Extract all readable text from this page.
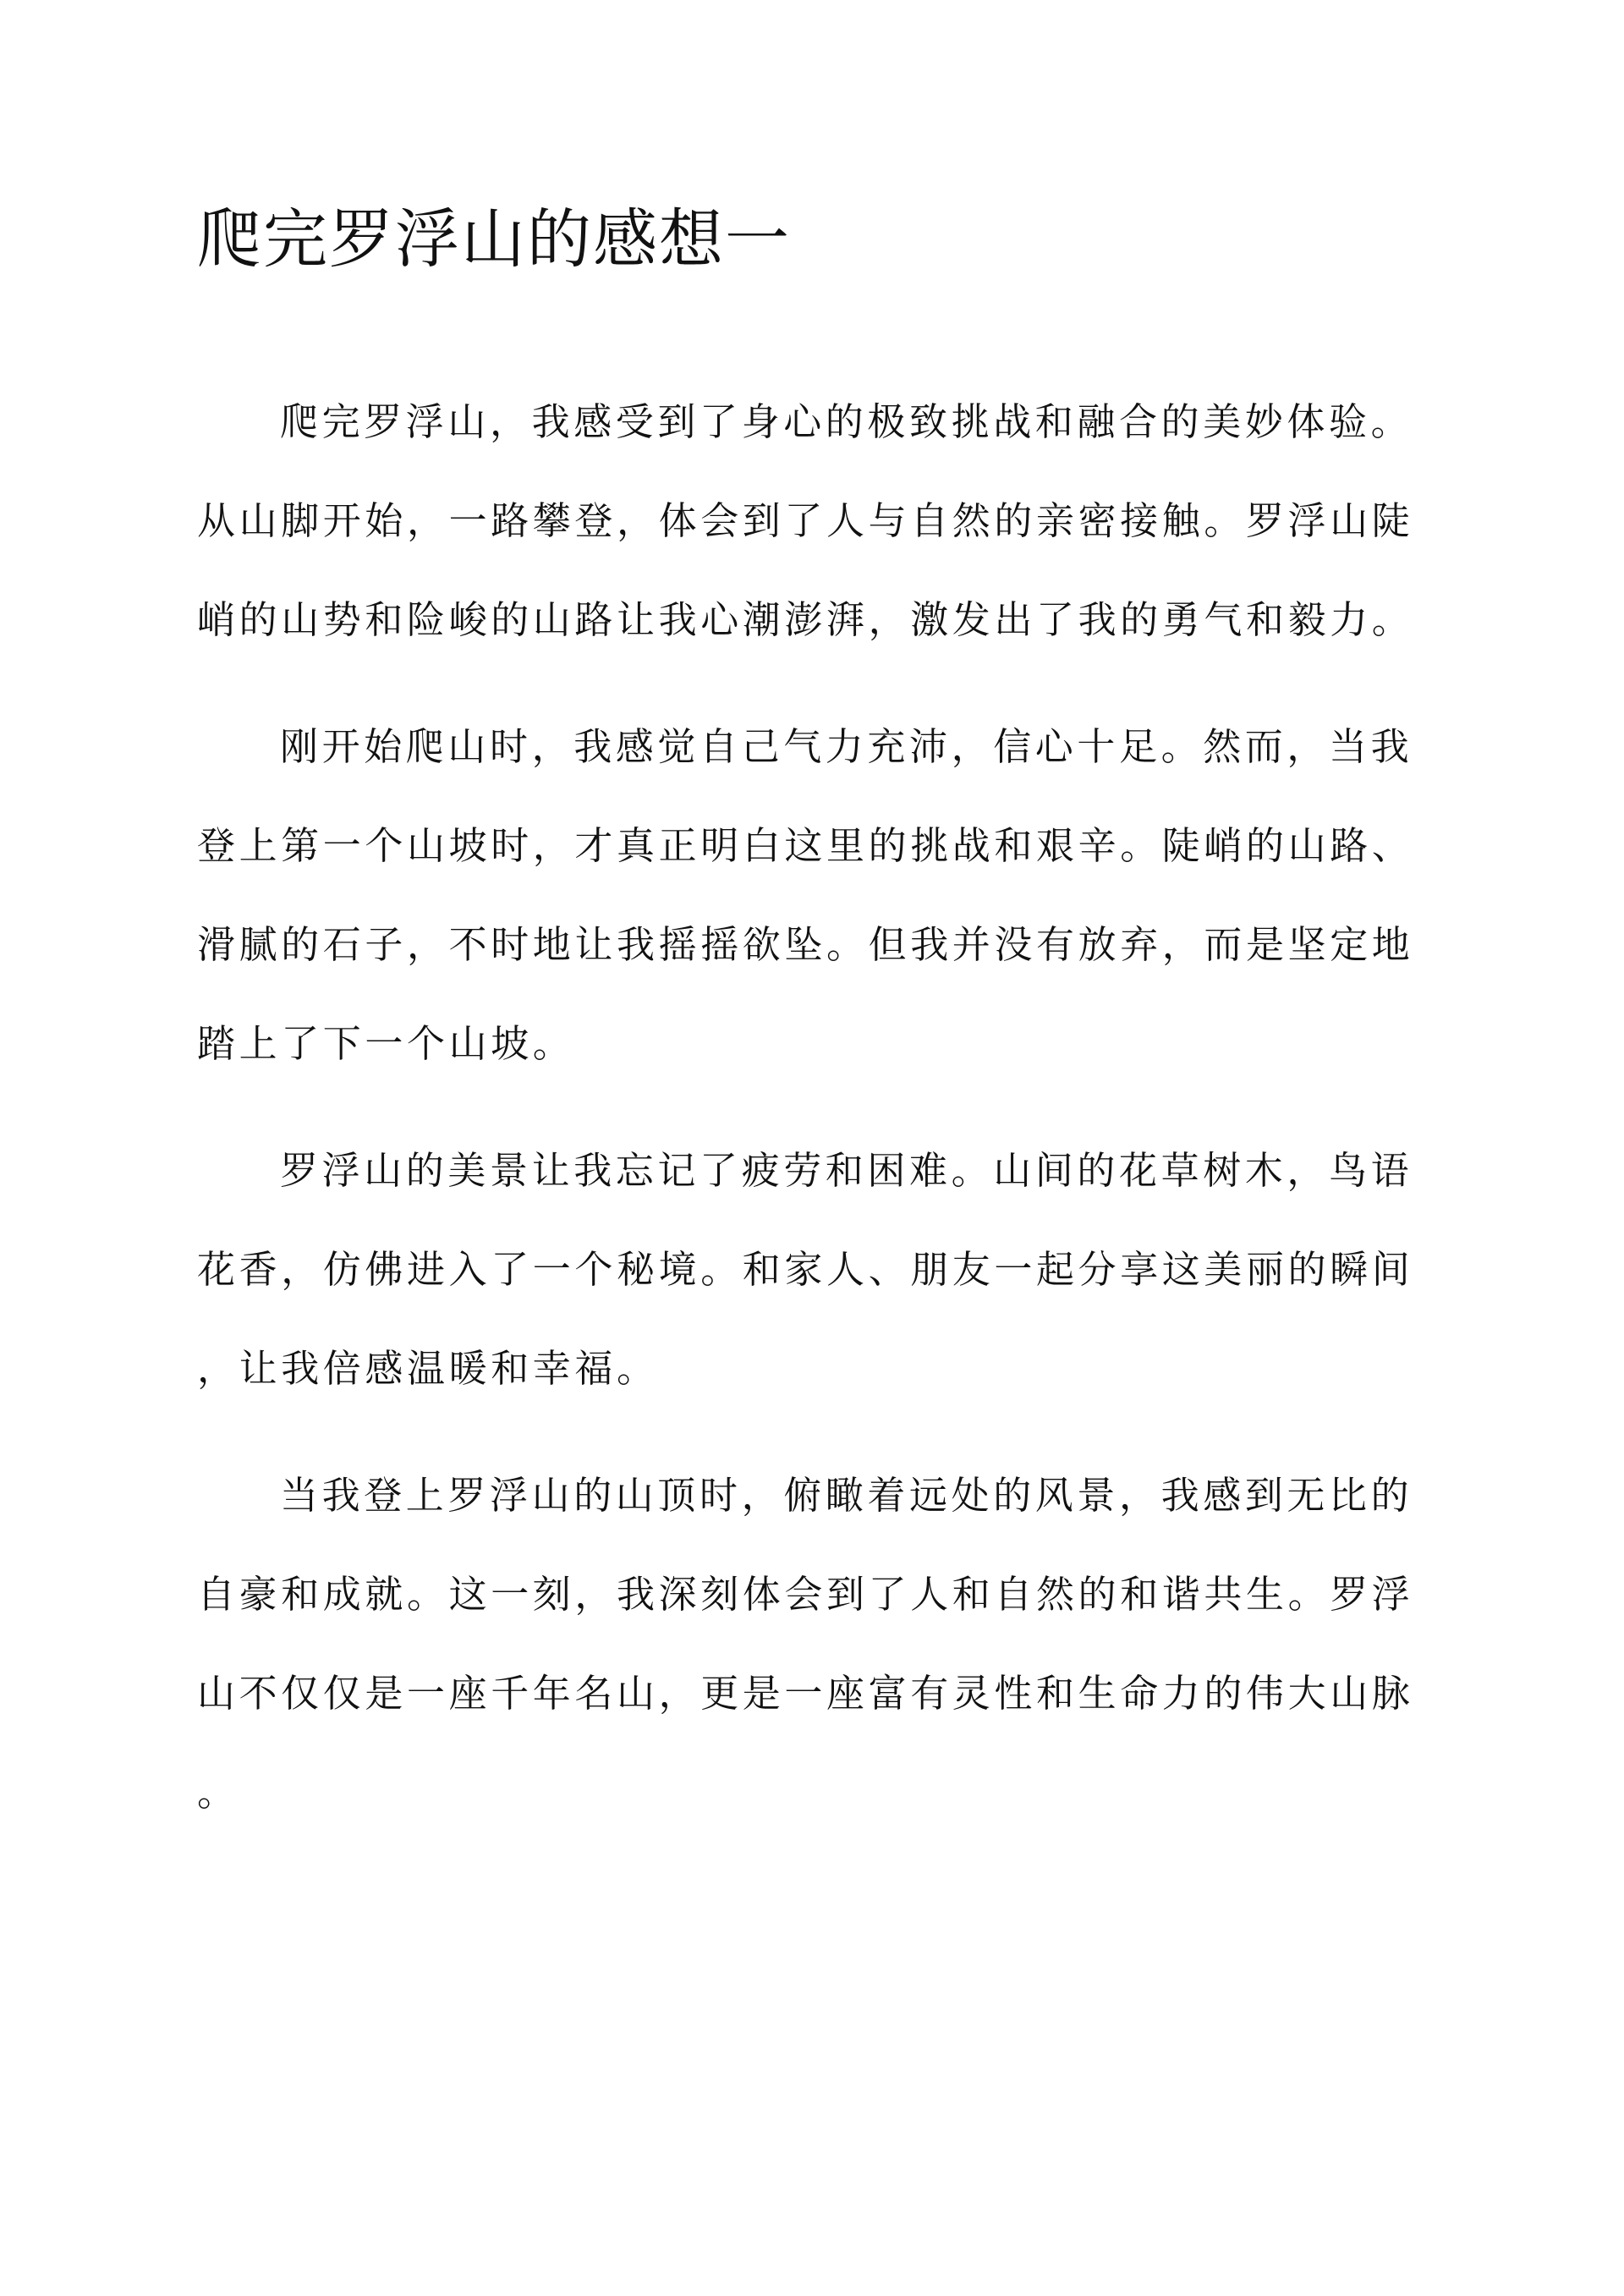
爬完罗浮山的感想一
爬完罗浮山，我感受到了身心的极致挑战和融合的美妙体验。
从山脚开始，一路攀登，体会到了人与自然的亲密接触。罗浮山陡
峭的山势和险峻的山路让我心潮澎湃，激发出了我的勇气和毅力。
刚开始爬山时，我感觉自己气力充沛，信心十足。然而，当我
登上第一个山坡时，才真正明白这里的挑战和艰辛。陡峭的山路、
滑腻的石子，不时地让我摇摇欲坠。但我并没有放弃，而是坚定地
踏上了下一个山坡。
罗浮山的美景让我忘记了疲劳和困难。山间的花草树木，鸟语
花香，仿佛进入了一个秘境。和家人、朋友一起分享这美丽的瞬间
，让我倍感温暖和幸福。
当我登上罗浮山的山顶时，俯瞰着远处的风景，我感到无比的
自豪和成就。这一刻，我深刻体会到了人和自然的和谐共生。罗浮
山不仅仅是一座千年名山，更是一座富有灵性和生命力的伟大山脉
。
